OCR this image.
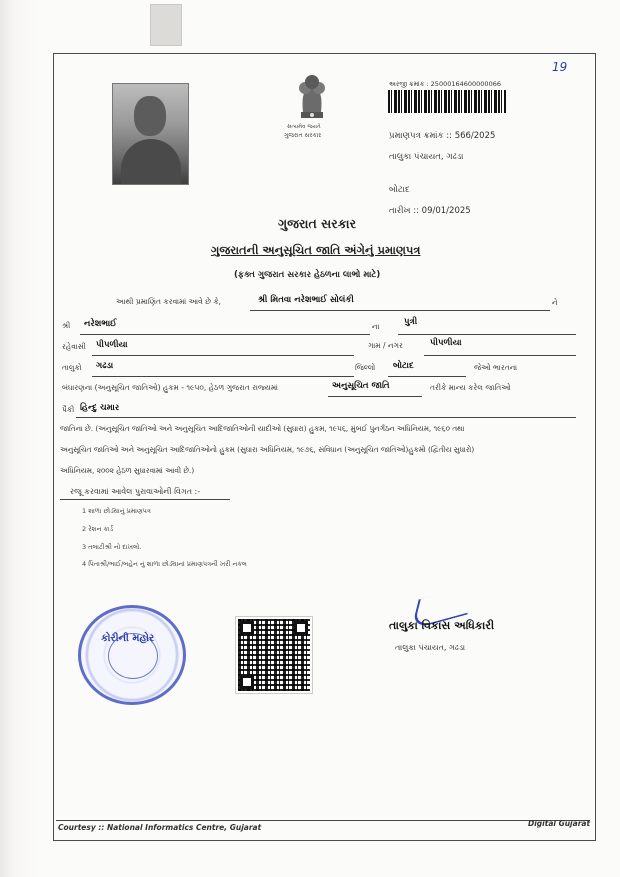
સત્યમેવ જયતે
ગુજરાત સરકાર
અરજી ક્રમાંક : 25000164600000066
19
પ્રમાણપત્ર ક્રમાંક :: 566/2025
તાલુકા પંચાયત, ગઢડા
બોટાદ
તારીખ :: 09/01/2025
ગુજરાત સરકાર
ગુજરાતની અનુસૂચિત જાતિ અંગેનું પ્રમાણપત્ર
(ફક્ત ગુજરાત સરકાર હેઠળના લાભો માટે)
આથી પ્રમાણિત કરવામાં આવે છે કે,	શ્રી મિતવા નરેશભાઈ સોલંકી	ને
શ્રી નરેશભાઈ	ના	પુત્રી
રહેવાસી પીપળીયા	ગામ / નગર	પીપળીયા
તાલુકો ગઢડા	જિલ્લો બોટાદ	જેઓ ભારતના
બંધારણના (અનુસૂચિત જાતિઓ) હુકમ - ૧૯૫૦, હેઠળ ગુજરાત રાજ્યમાં	અનુસૂચિત જાતિ	તરીકે માન્ય કરેલ જાતિઓ
પૈકી હિન્દુ ચમાર
જાતિના છે. (અનુસૂચિત જાતિઓ અને અનુસૂચિત આદિજાતિઓની યાદીઓ (સુધારા) હુકમ, ૧૯૫૬, મુંબઈ પુનર્ગઠન અધિનિયમ, ૧૯૬૦ તથા
અનુસૂચિત જાતિઓ અને અનુસૂચિત આદિજાતિઓનો હુકમ (સુધારા અધિનિયમ, ૧૯૭૬, સંવિધાન (અનુસૂચિત જાતિઓ)હુકમો (દ્વિતીય સુધારો)
અધિનિયમ, ૨૦૦૨ હેઠળ સુધારવામાં આવી છે.)
રજૂ કરવામાં આવેલ પુરાવાઓની વિગત :-
1 શાળા છોડ્યાનું પ્રમાણપત્ર
2 રેશન કાર્ડ
3 તલાટીશ્રી નો દાખલો.
4 પિતાશ્રી/ભાઈ/બહેન નું શાળા છોડ્યાનાં પ્રમાણપત્રની ખરી નકલ
કોરીની મહોર
તાલુકા વિકાસ અધિકારી
તાલુકા પંચાયત, ગઢડા
Courtesy :: National Informatics Centre, Gujarat	Digital Gujarat
